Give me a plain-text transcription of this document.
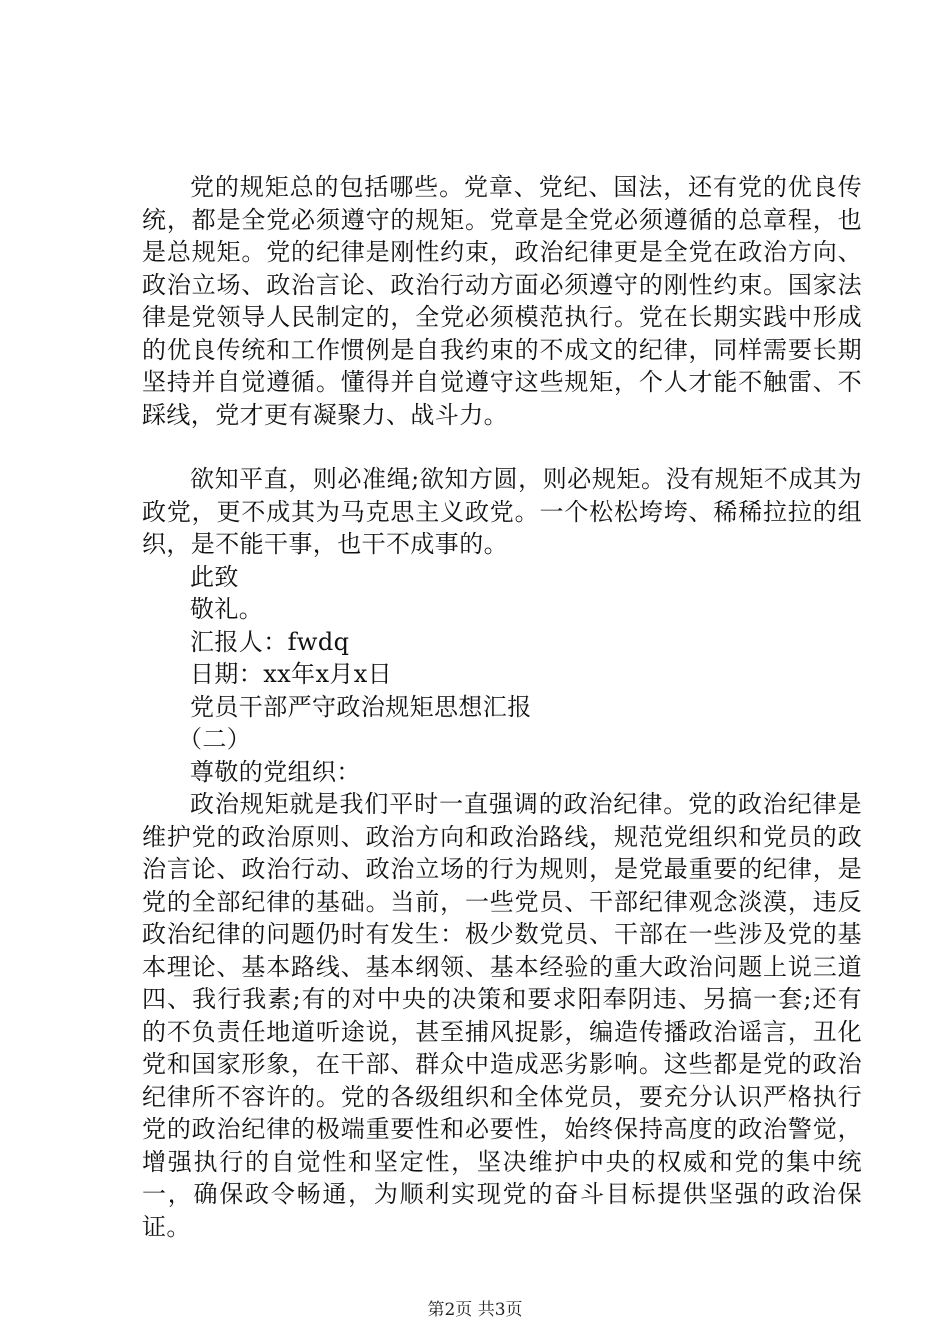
党的规矩总的包括哪些。党章、党纪、国法，还有党的优良传统，都是全党必须遵守的规矩。党章是全党必须遵循的总章程，也是总规矩。党的纪律是刚性约束，政治纪律更是全党在政治方向、政治立场、政治言论、政治行动方面必须遵守的刚性约束。国家法律是党领导人民制定的，全党必须模范执行。党在长期实践中形成的优良传统和工作惯例是自我约束的不成文的纪律，同样需要长期坚持并自觉遵循。懂得并自觉遵守这些规矩，个人才能不触雷、不踩线，党才更有凝聚力、战斗力。

欲知平直，则必准绳;欲知方圆，则必规矩。没有规矩不成其为政党，更不成其为马克思主义政党。一个松松垮垮、稀稀拉拉的组织，是不能干事，也干不成事的。

此致

敬礼。

汇报人：fwdq

日期：xx年x月x日

党员干部严守政治规矩思想汇报

（二）

尊敬的党组织：

政治规矩就是我们平时一直强调的政治纪律。党的政治纪律是维护党的政治原则、政治方向和政治路线，规范党组织和党员的政治言论、政治行动、政治立场的行为规则，是党最重要的纪律，是党的全部纪律的基础。当前，一些党员、干部纪律观念淡漠，违反政治纪律的问题仍时有发生：极少数党员、干部在一些涉及党的基本理论、基本路线、基本纲领、基本经验的重大政治问题上说三道四、我行我素;有的对中央的决策和要求阳奉阴违、另搞一套;还有的不负责任地道听途说，甚至捕风捉影，编造传播政治谣言，丑化党和国家形象，在干部、群众中造成恶劣影响。这些都是党的政治纪律所不容许的。党的各级组织和全体党员，要充分认识严格执行党的政治纪律的极端重要性和必要性，始终保持高度的政治警觉，增强执行的自觉性和坚定性，坚决维护中央的权威和党的集中统一，确保政令畅通，为顺利实现党的奋斗目标提供坚强的政治保证。

第2页 共3页
